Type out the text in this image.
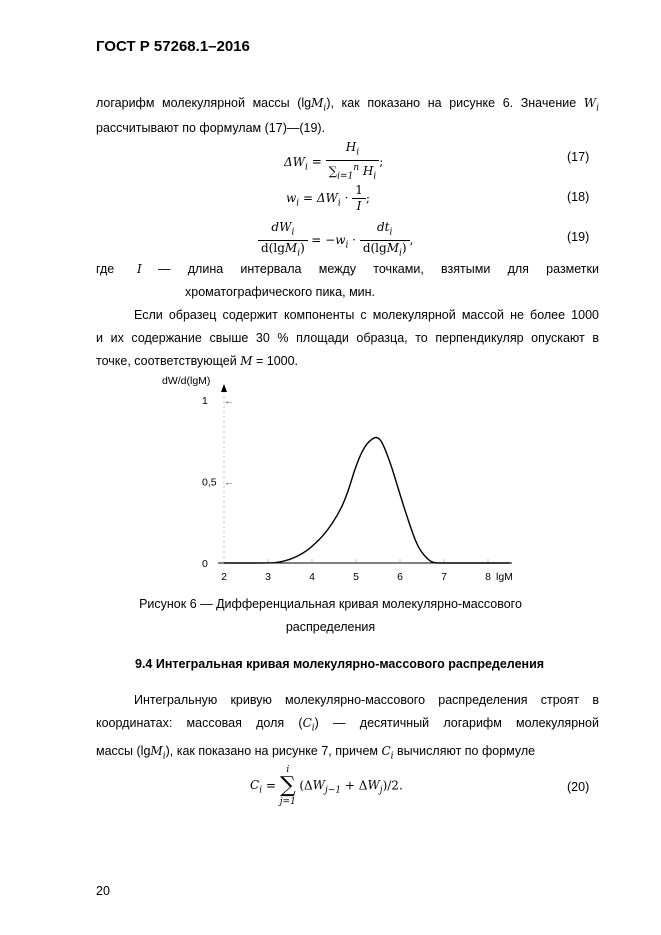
ГОСТ Р 57268.1–2016
логарифм молекулярной массы (lgM$_i$), как показано на рисунке 6. Значение $W_i$
рассчитывают по формулам (17)—(19).
$\Delta W_i = \frac{H_i}{\sum_{i=1}^n H_i}$ ;	(17)
$w_i = \Delta W_i \cdot \frac{1}{I}$ ;	(18)
$\frac{dW_i}{d(\lg M_i)} = -w_i \cdot \frac{dt_i}{d(\lg M_i)}$ ,	(19)
где I — длина интервала между точками, взятыми для разметки
хроматографического пика, мин.
Если образец содержит компоненты с молекулярной массой не более 1000
и их содержание свыше 30 % площади образца, то перпендикуляр опускают в
точке, соответствующей M = 1000.
0
0,5 ←
1 ←
2	3	4	5	6	7	8 lgM
dW/d(lgM)
Рисунок 6 — Дифференциальная кривая молекулярно-массового
распределения
9.4 Интегральная кривая молекулярно-массового распределения
Интегральную кривую молекулярно-массового распределения строят в
координатах: массовая доля $(C_i)$ — десятичный логарифм молекулярной
массы (lgM$_i$), как показано на рисунке 7, причем $C_i$ вычисляют по формуле
$C_i$ =
i
∑
j=1
$(\Delta W_{j-1} + \Delta W_j)/2$.	(20)
20
